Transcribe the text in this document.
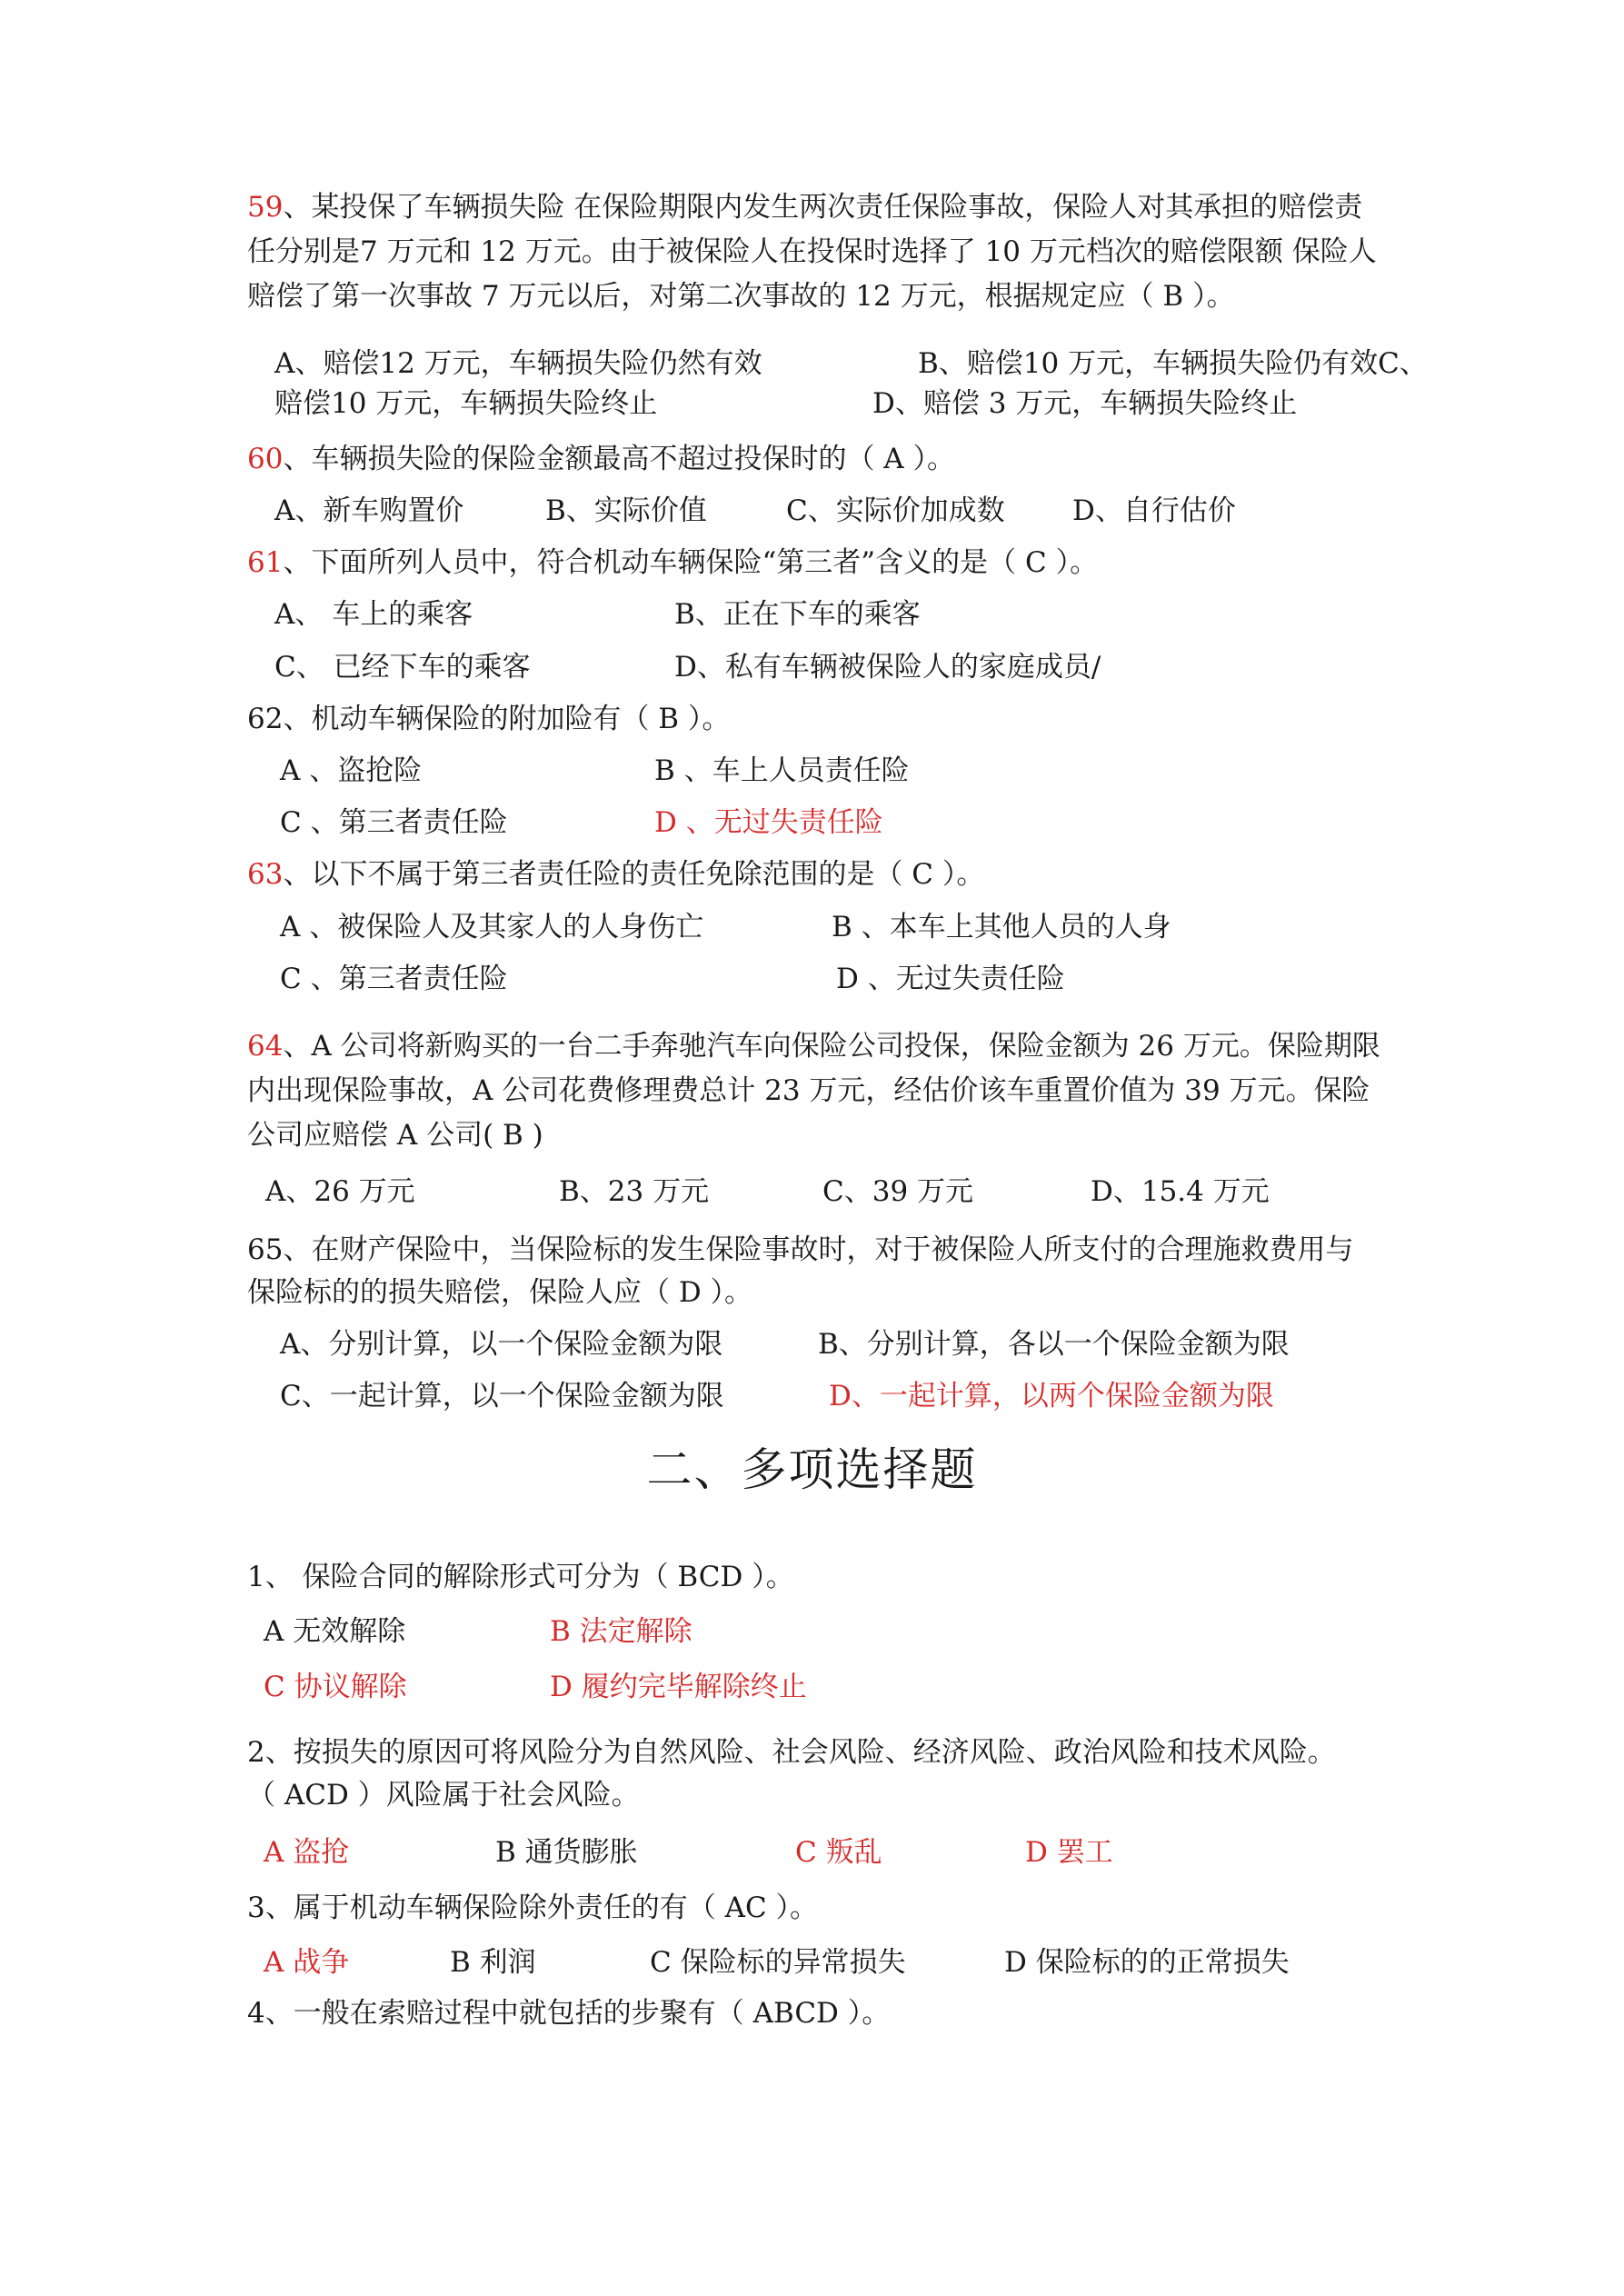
59、某投保了车辆损失险 在保险期限内发生两次责任保险事故，保险人对其承担的赔偿责
任分别是7 万元和 12 万元。由于被保险人在投保时选择了 10 万元档次的赔偿限额 保险人
赔偿了第一次事故 7 万元以后，对第二次事故的 12 万元，根据规定应（ B ）。
A、赔偿12 万元，车辆损失险仍然有效	B、赔偿10 万元，车辆损失险仍有效C、
赔偿10 万元，车辆损失险终止	D、赔偿 3 万元，车辆损失险终止
60、车辆损失险的保险金额最高不超过投保时的（ A ）。
A、新车购置价	B、实际价值	C、实际价加成数 D、自行估价
61、下面所列人员中，符合机动车辆保险“第三者”含义的是（ C ）。
A、 车上的乘客	B、正在下车的乘客
C、 已经下车的乘客	D、私有车辆被保险人的家庭成员/
62、机动车辆保险的附加险有（ B ）。
A 、盗抢险	B 、车上人员责任险
C 、第三者责任险	D 、无过失责任险
63、以下不属于第三者责任险的责任免除范围的是（ C ）。
A 、被保险人及其家人的人身伤亡	B 、本车上其他人员的人身
C 、第三者责任险	D 、无过失责任险
64、A 公司将新购买的一台二手奔驰汽车向保险公司投保，保险金额为 26 万元。保险期限
内出现保险事故，A 公司花费修理费总计 23 万元，经估价该车重置价值为 39 万元。保险
公司应赔偿 A 公司( B )
A、26 万元	B、23 万元	C、39 万元	D、15.4 万元
65、在财产保险中，当保险标的发生保险事故时，对于被保险人所支付的合理施救费用与
保险标的的损失赔偿，保险人应（ D ）。
A、分别计算，以一个保险金额为限	B、分别计算，各以一个保险金额为限
C、一起计算，以一个保险金额为限	D、一起计算，以两个保险金额为限
二、多项选择题
1、 保险合同的解除形式可分为（ BCD ）。
A 无效解除	B 法定解除
C 协议解除	D 履约完毕解除终止
2、按损失的原因可将风险分为自然风险、社会风险、经济风险、政治风险和技术风险。
（ ACD ）风险属于社会风险。
A 盗抢	B 通货膨胀	C 叛乱	D 罢工
3、属于机动车辆保险除外责任的有（ AC ）。
A 战争	B 利润	C 保险标的异常损失	D 保险标的的正常损失
4、一般在索赔过程中就包括的步聚有（ ABCD ）。
